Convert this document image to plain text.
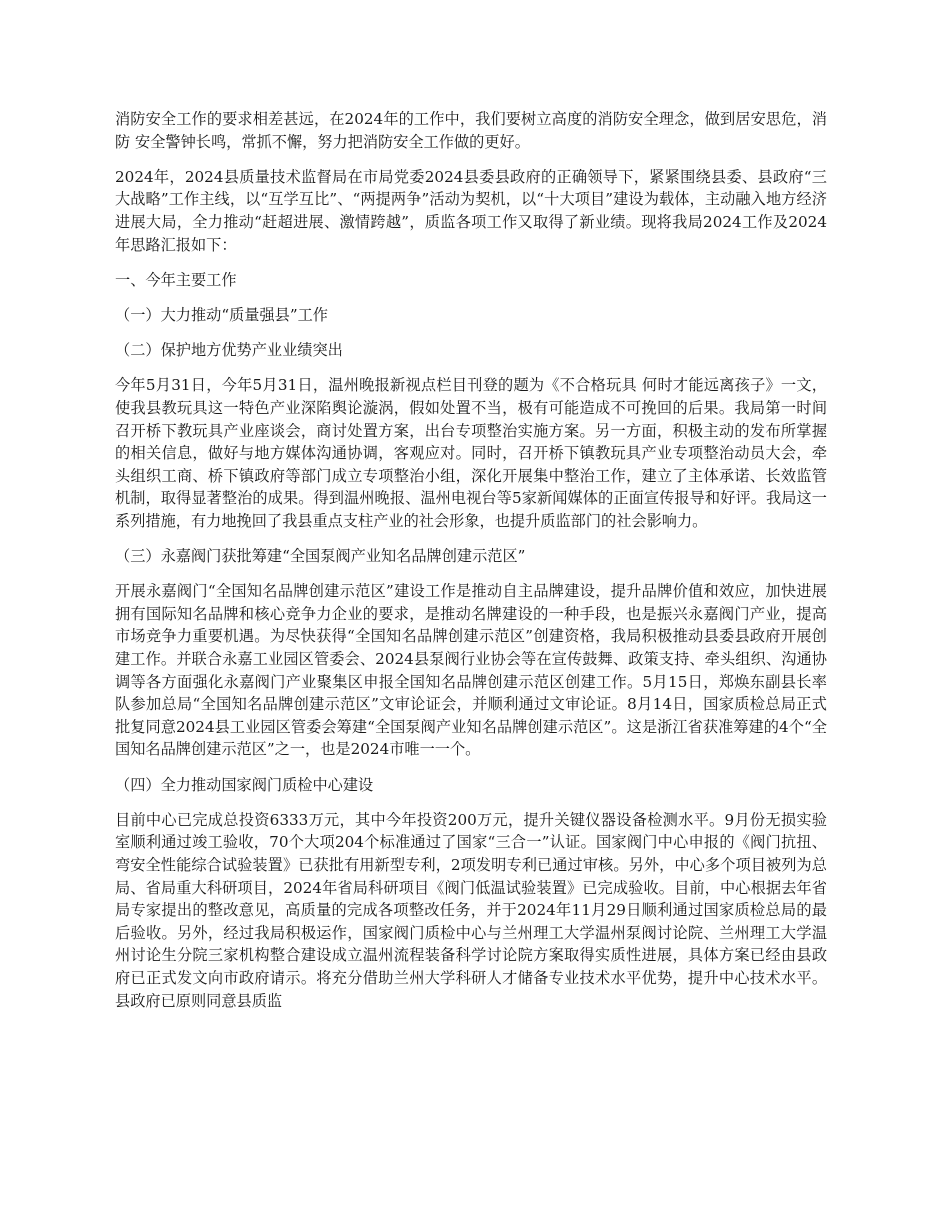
消防安全工作的要求相差甚远，在2024年的工作中，我们要树立高度的消防安全理念，做到居安思危，消防 安全警钟长鸣，常抓不懈，努力把消防安全工作做的更好。

2024年，2024县质量技术监督局在市局党委2024县委县政府的正确领导下，紧紧围绕县委、县政府“三大战略”工作主线，以“互学互比”、“两提两争”活动为契机，以“十大项目”建设为载体，主动融入地方经济进展大局，全力推动“赶超进展、激情跨越”，质监各项工作又取得了新业绩。现将我局2024工作及2024年思路汇报如下：

一、今年主要工作

（一）大力推动“质量强县”工作

（二）保护地方优势产业业绩突出

今年5月31日，今年5月31日，温州晚报新视点栏目刊登的题为《不合格玩具 何时才能远离孩子》一文，使我县教玩具这一特色产业深陷舆论漩涡，假如处置不当，极有可能造成不可挽回的后果。我局第一时间召开桥下教玩具产业座谈会，商讨处置方案，出台专项整治实施方案。另一方面，积极主动的发布所掌握的相关信息，做好与地方媒体沟通协调，客观应对。同时，召开桥下镇教玩具产业专项整治动员大会，牵头组织工商、桥下镇政府等部门成立专项整治小组，深化开展集中整治工作，建立了主体承诺、长效监管机制，取得显著整治的成果。得到温州晚报、温州电视台等5家新闻媒体的正面宣传报导和好评。我局这一系列措施，有力地挽回了我县重点支柱产业的社会形象，也提升质监部门的社会影响力。

（三）永嘉阀门获批筹建“全国泵阀产业知名品牌创建示范区”

开展永嘉阀门“全国知名品牌创建示范区”建设工作是推动自主品牌建设，提升品牌价值和效应，加快进展拥有国际知名品牌和核心竞争力企业的要求，是推动名牌建设的一种手段，也是振兴永嘉阀门产业，提高市场竞争力重要机遇。为尽快获得“全国知名品牌创建示范区”创建资格，我局积极推动县委县政府开展创建工作。并联合永嘉工业园区管委会、2024县泵阀行业协会等在宣传鼓舞、政策支持、牵头组织、沟通协调等各方面强化永嘉阀门产业聚集区申报全国知名品牌创建示范区创建工作。5月15日，郑焕东副县长率队参加总局“全国知名品牌创建示范区”文审论证会，并顺利通过文审论证。8月14日，国家质检总局正式批复同意2024县工业园区管委会筹建“全国泵阀产业知名品牌创建示范区”。这是浙江省获准筹建的4个“全国知名品牌创建示范区”之一，也是2024市唯一一个。

（四）全力推动国家阀门质检中心建设

目前中心已完成总投资6333万元，其中今年投资200万元，提升关键仪器设备检测水平。9月份无损实验室顺利通过竣工验收，70个大项204个标准通过了国家“三合一”认证。国家阀门中心申报的《阀门抗扭、弯安全性能综合试验装置》已获批有用新型专利，2项发明专利已通过审核。另外，中心多个项目被列为总局、省局重大科研项目，2024年省局科研项目《阀门低温试验装置》已完成验收。目前，中心根据去年省局专家提出的整改意见，高质量的完成各项整改任务，并于2024年11月29日顺利通过国家质检总局的最后验收。另外，经过我局积极运作，国家阀门质检中心与兰州理工大学温州泵阀讨论院、兰州理工大学温州讨论生分院三家机构整合建设成立温州流程装备科学讨论院方案取得实质性进展，具体方案已经由县政府已正式发文向市政府请示。将充分借助兰州大学科研人才储备专业技术水平优势，提升中心技术水平。县政府已原则同意县质监
